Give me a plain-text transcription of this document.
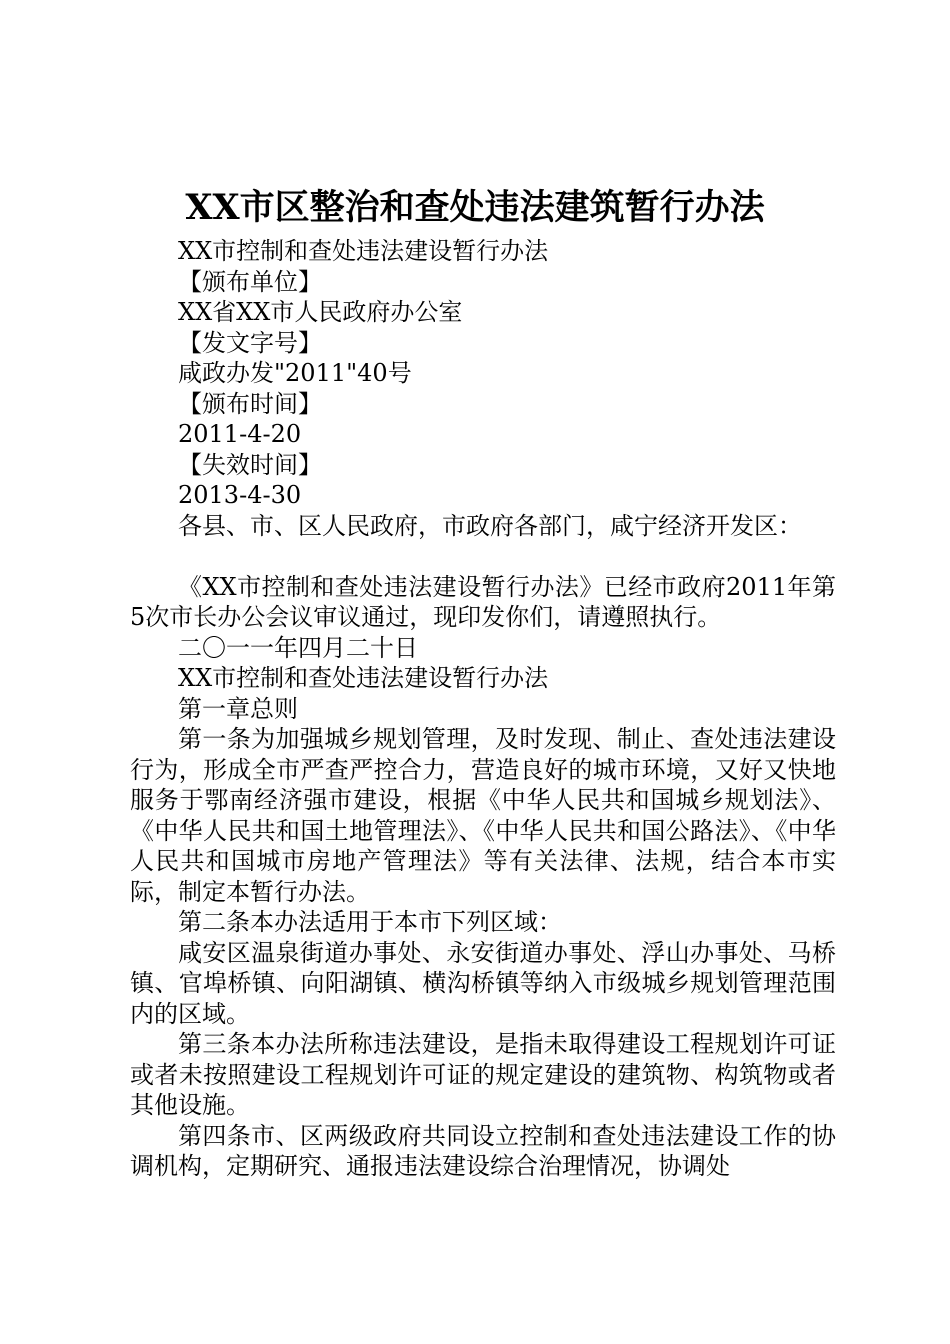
XX市区整治和查处违法建筑暂行办法
XX市控制和查处违法建设暂行办法
【颁布单位】
XX省XX市人民政府办公室
【发文字号】
咸政办发"2011"40号
【颁布时间】
2011-4-20
【失效时间】
2013-4-30
各县、市、区人民政府，市政府各部门，咸宁经济开发区：

《XX市控制和查处违法建设暂行办法》已经市政府2011年第5次市长办公会议审议通过，现印发你们，请遵照执行。

二〇一一年四月二十日
XX市控制和查处违法建设暂行办法
第一章总则

第一条为加强城乡规划管理，及时发现、制止、查处违法建设行为，形成全市严查严控合力，营造良好的城市环境，又好又快地服务于鄂南经济强市建设，根据《中华人民共和国城乡规划法》、《中华人民共和国土地管理法》、《中华人民共和国公路法》、《中华人民共和国城市房地产管理法》等有关法律、法规，结合本市实际，制定本暂行办法。

第二条本办法适用于本市下列区域：

咸安区温泉街道办事处、永安街道办事处、浮山办事处、马桥镇、官埠桥镇、向阳湖镇、横沟桥镇等纳入市级城乡规划管理范围内的区域。

第三条本办法所称违法建设，是指未取得建设工程规划许可证或者未按照建设工程规划许可证的规定建设的建筑物、构筑物或者其他设施。

第四条市、区两级政府共同设立控制和查处违法建设工作的协调机构，定期研究、通报违法建设综合治理情况，协调处
